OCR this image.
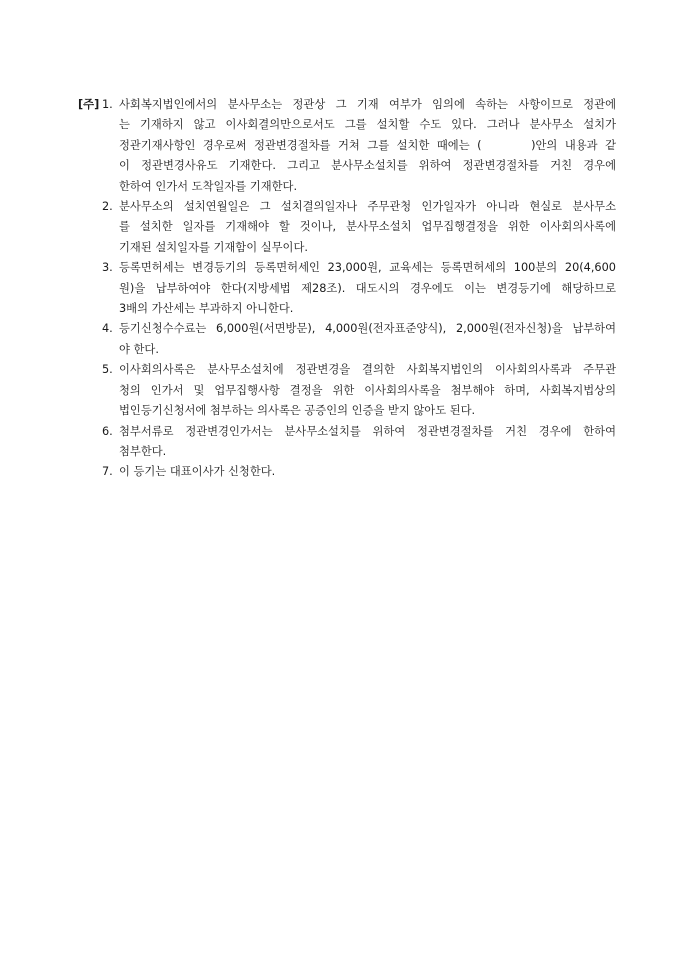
[주] 1. 사회복지법인에서의 분사무소는 정관상 그 기재 여부가 임의에 속하는 사항이므로 정관에
는 기재하지 않고 이사회결의만으로서도 그를 설치할 수도 있다. 그러나 분사무소 설치가
정관기재사항인 경우로써 정관변경절차를 거쳐 그를 설치한 때에는 (　　　)안의 내용과 같
이 정관변경사유도 기재한다. 그리고 분사무소설치를 위하여 정관변경절차를 거친 경우에
한하여 인가서 도착일자를 기재한다.
2. 분사무소의 설치연월일은 그 설치결의일자나 주무관청 인가일자가 아니라 현실로 분사무소
를 설치한 일자를 기재해야 할 것이나, 분사무소설치 업무집행결정을 위한 이사회의사록에
기재된 설치일자를 기재함이 실무이다.
3. 등록면허세는 변경등기의 등록면허세인 23,000원, 교육세는 등록면허세의 100분의 20(4,600
원)을 납부하여야 한다(지방세법 제28조). 대도시의 경우에도 이는 변경등기에 해당하므로
3배의 가산세는 부과하지 아니한다.
4. 등기신청수수료는 6,000원(서면방문), 4,000원(전자표준양식), 2,000원(전자신청)을 납부하여
야 한다.
5. 이사회의사록은 분사무소설치에 정관변경을 결의한 사회복지법인의 이사회의사록과 주무관
청의 인가서 및 업무집행사항 결정을 위한 이사회의사록을 첨부해야 하며, 사회복지법상의
법인등기신청서에 첨부하는 의사록은 공증인의 인증을 받지 않아도 된다.
6. 첨부서류로 정관변경인가서는 분사무소설치를 위하여 정관변경절차를 거친 경우에 한하여
첨부한다.
7. 이 등기는 대표이사가 신청한다.
